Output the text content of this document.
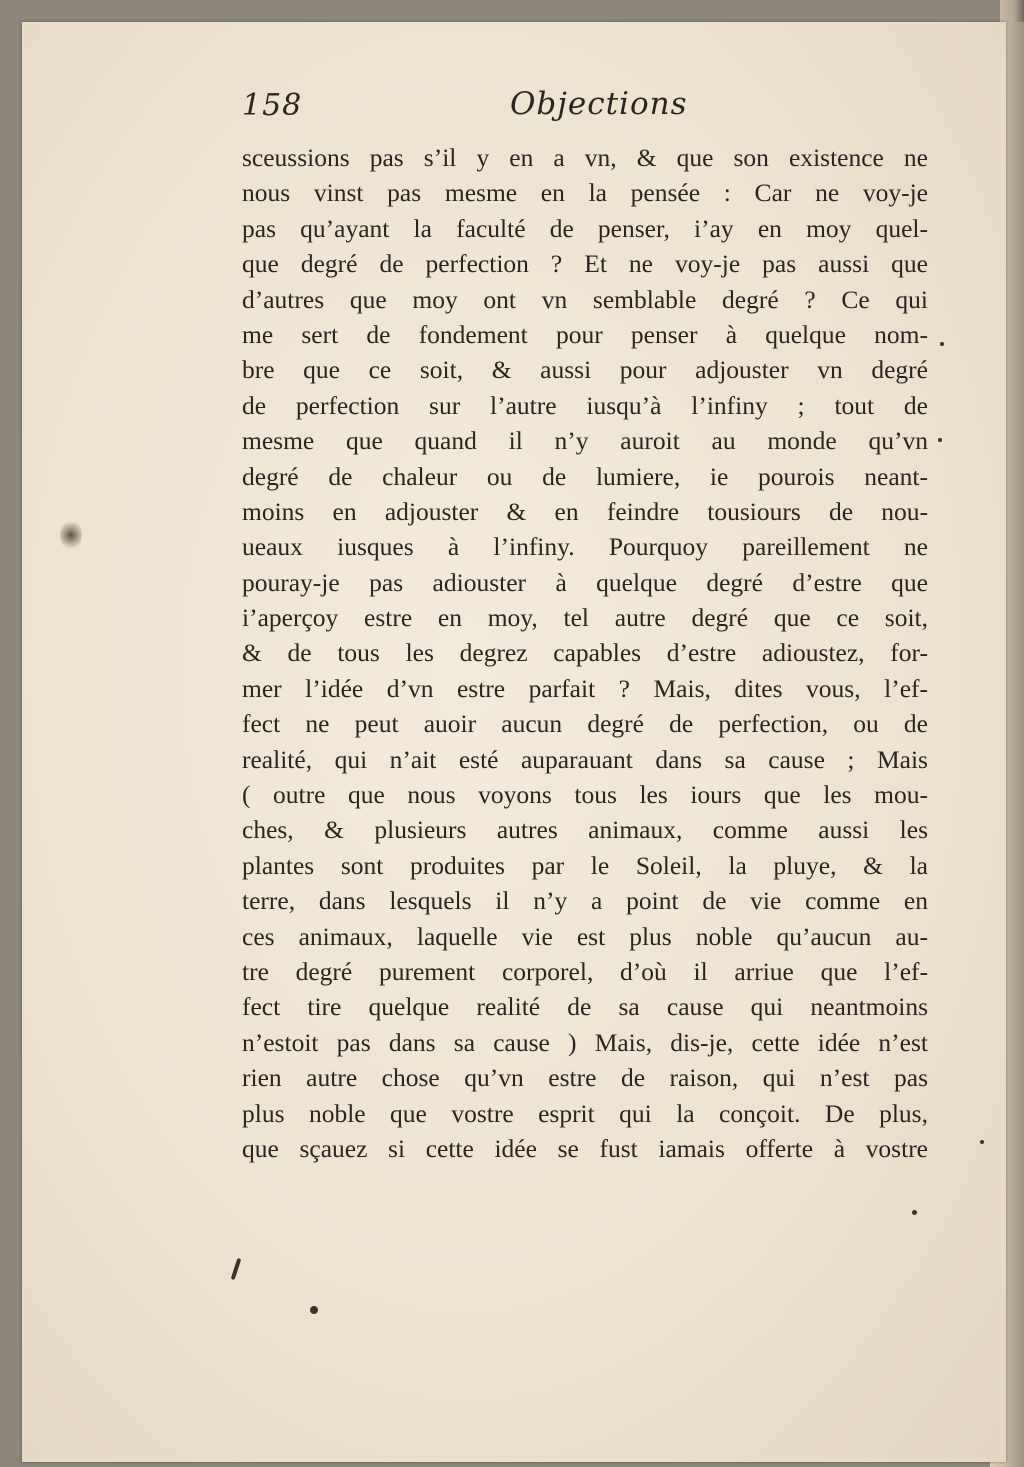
158	Objections
sceussions pas s’il y en a vn, & que son existence ne
nous vinst pas mesme en la pensée : Car ne voy-je
pas qu’ayant la faculté de penser, i’ay en moy quel-
que degré de perfection ? Et ne voy-je pas aussi que
d’autres que moy ont vn semblable degré ? Ce qui
me sert de fondement pour penser à quelque nom-
bre que ce soit, & aussi pour adjouster vn degré
de perfection sur l’autre iusqu’à l’infiny ; tout de
mesme que quand il n’y auroit au monde qu’vn
degré de chaleur ou de lumiere, ie pourois neant-
moins en adjouster & en feindre tousiours de nou-
ueaux iusques à l’infiny. Pourquoy pareillement ne
pouray-je pas adiouster à quelque degré d’estre que
i’aperçoy estre en moy, tel autre degré que ce soit,
& de tous les degrez capables d’estre adioustez, for-
mer l’idée d’vn estre parfait ? Mais, dites vous, l’ef-
fect ne peut auoir aucun degré de perfection, ou de
realité, qui n’ait esté auparauant dans sa cause ; Mais
( outre que nous voyons tous les iours que les mou-
ches, & plusieurs autres animaux, comme aussi les
plantes sont produites par le Soleil, la pluye, & la
terre, dans lesquels il n’y a point de vie comme en
ces animaux, laquelle vie est plus noble qu’aucun au-
tre degré purement corporel, d’où il arriue que l’ef-
fect tire quelque realité de sa cause qui neantmoins
n’estoit pas dans sa cause ) Mais, dis-je, cette idée n’est
rien autre chose qu’vn estre de raison, qui n’est pas
plus noble que vostre esprit qui la conçoit. De plus,
que sçauez si cette idée se fust iamais offerte à vostre
